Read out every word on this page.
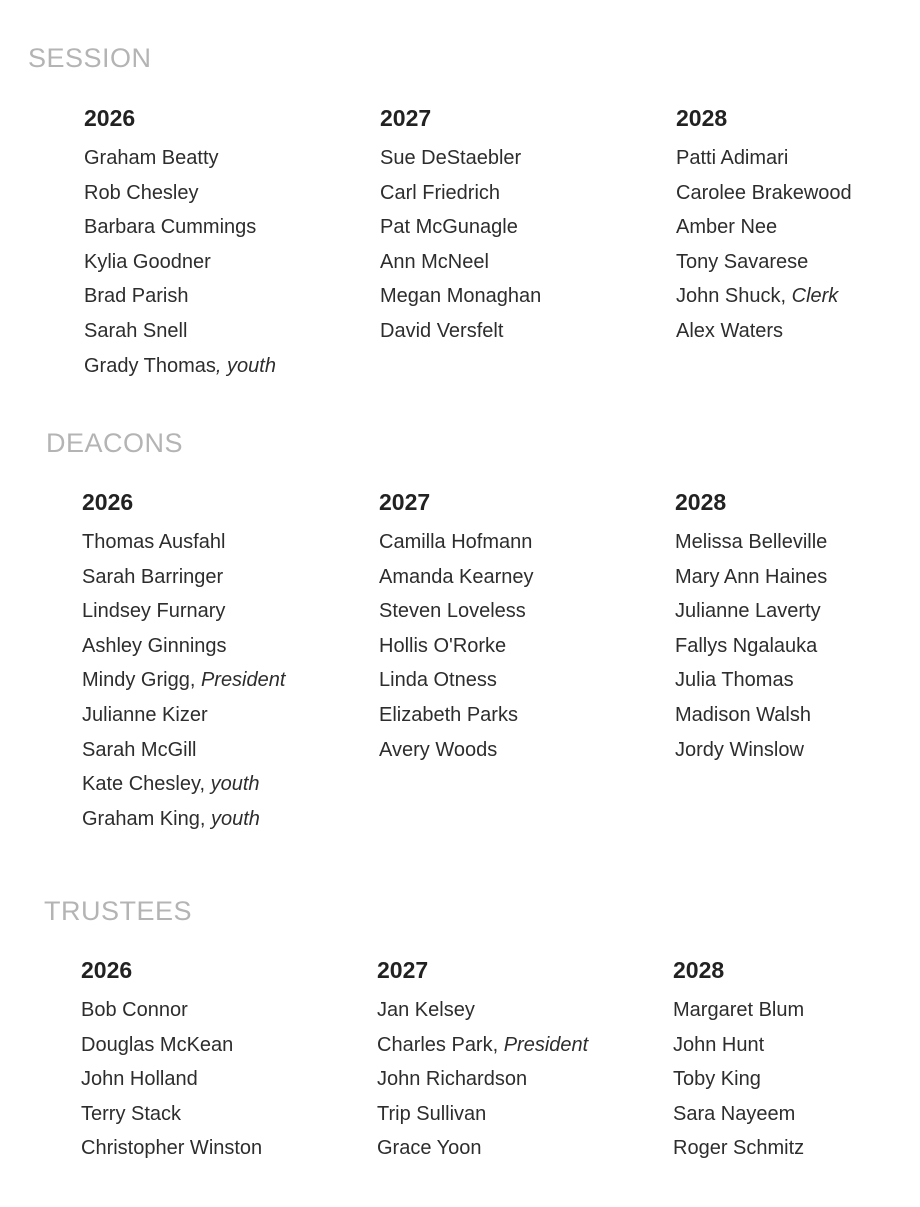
SESSION
2026
Graham Beatty
Rob Chesley
Barbara Cummings
Kylia Goodner
Brad Parish
Sarah Snell
Grady Thomas, youth
2027
Sue DeStaebler
Carl Friedrich
Pat McGunagle
Ann McNeel
Megan Monaghan
David Versfelt
2028
Patti Adimari
Carolee Brakewood
Amber Nee
Tony Savarese
John Shuck, Clerk
Alex Waters
DEACONS
2026
Thomas Ausfahl
Sarah Barringer
Lindsey Furnary
Ashley Ginnings
Mindy Grigg, President
Julianne Kizer
Sarah McGill
Kate Chesley, youth
Graham King, youth
2027
Camilla Hofmann
Amanda Kearney
Steven Loveless
Hollis O'Rorke
Linda Otness
Elizabeth Parks
Avery Woods
2028
Melissa Belleville
Mary Ann Haines
Julianne Laverty
Fallys Ngalauka
Julia Thomas
Madison Walsh
Jordy Winslow
TRUSTEES
2026
Bob Connor
Douglas McKean
John Holland
Terry Stack
Christopher Winston
2027
Jan Kelsey
Charles Park, President
John Richardson
Trip Sullivan
Grace Yoon
2028
Margaret Blum
John Hunt
Toby King
Sara Nayeem
Roger Schmitz
